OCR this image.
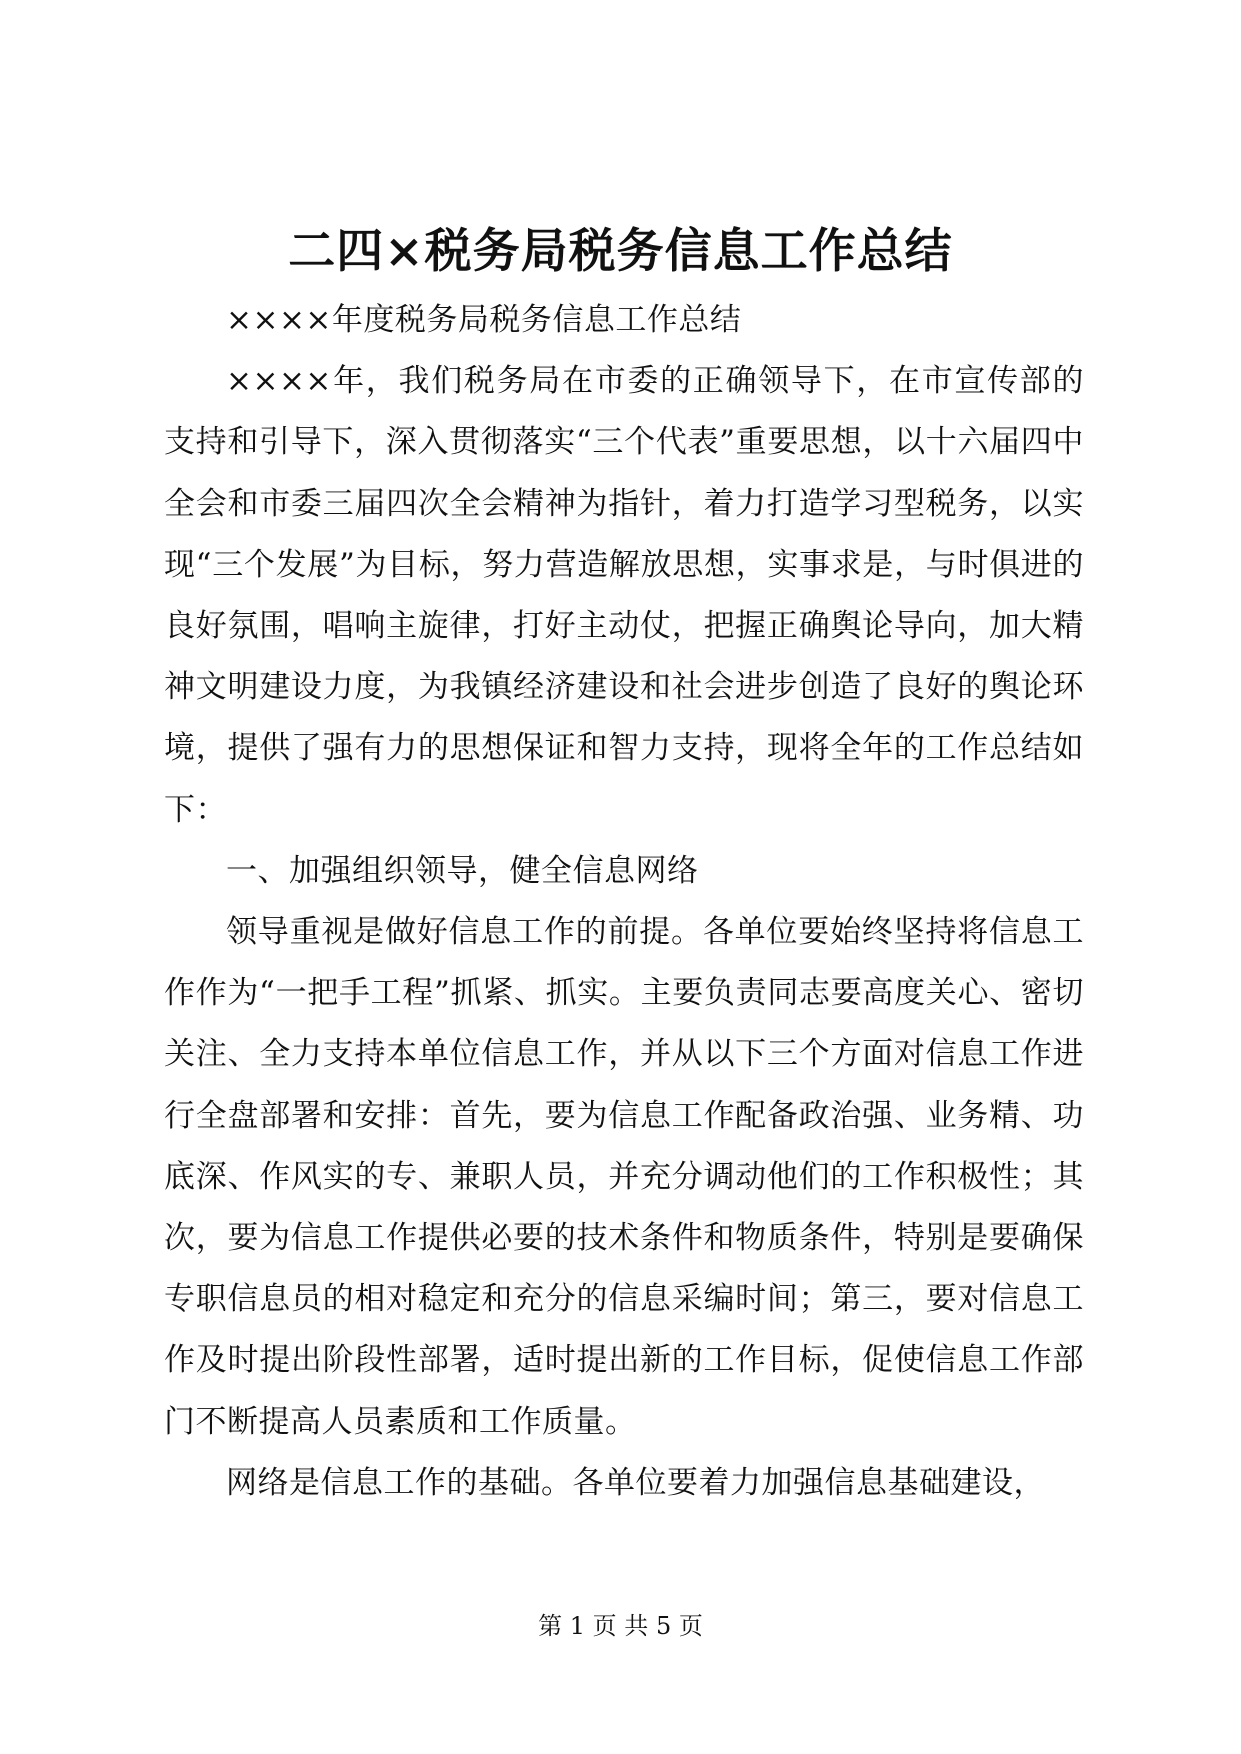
二四×税务局税务信息工作总结

××××年度税务局税务信息工作总结

××××年，我们税务局在市委的正确领导下，在市宣传部的支持和引导下，深入贯彻落实“三个代表”重要思想，以十六届四中全会和市委三届四次全会精神为指针，着力打造学习型税务，以实现“三个发展”为目标，努力营造解放思想，实事求是，与时俱进的良好氛围，唱响主旋律，打好主动仗，把握正确舆论导向，加大精神文明建设力度，为我镇经济建设和社会进步创造了良好的舆论环境，提供了强有力的思想保证和智力支持，现将全年的工作总结如下：

一、加强组织领导，健全信息网络

领导重视是做好信息工作的前提。各单位要始终坚持将信息工作作为“一把手工程”抓紧、抓实。主要负责同志要高度关心、密切关注、全力支持本单位信息工作，并从以下三个方面对信息工作进行全盘部署和安排：首先，要为信息工作配备政治强、业务精、功底深、作风实的专、兼职人员，并充分调动他们的工作积极性；其次，要为信息工作提供必要的技术条件和物质条件，特别是要确保专职信息员的相对稳定和充分的信息采编时间；第三，要对信息工作及时提出阶段性部署，适时提出新的工作目标，促使信息工作部门不断提高人员素质和工作质量。

网络是信息工作的基础。各单位要着力加强信息基础建设，

第 1 页 共 5 页
